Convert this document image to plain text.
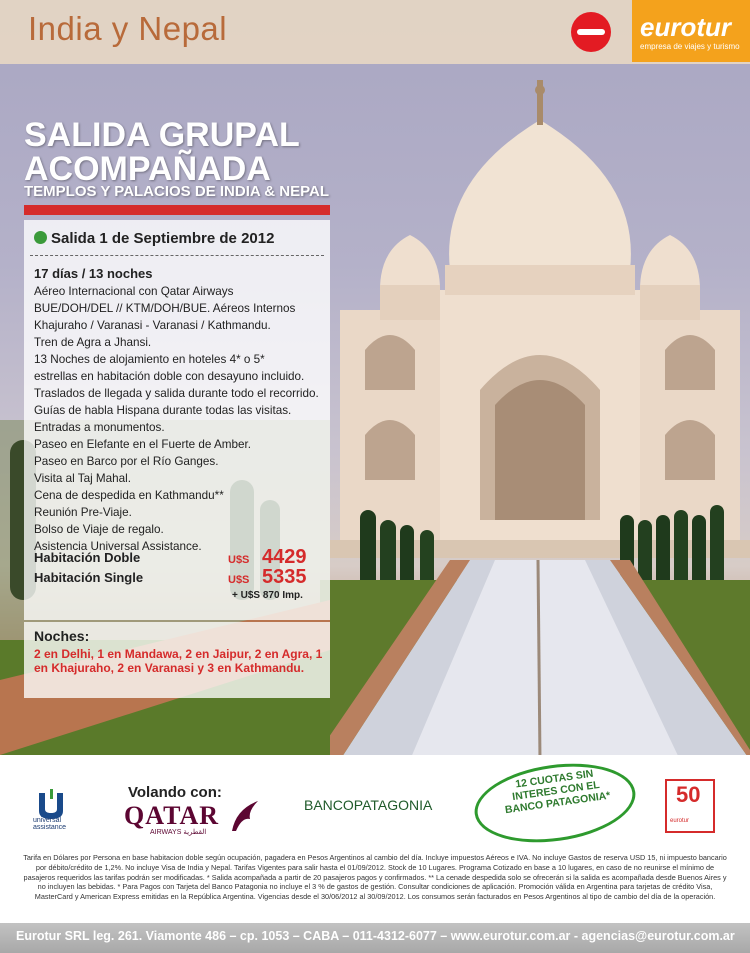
India y Nepal	eurotur
empresa de viajes y turismo
SALIDA GRUPAL
ACOMPAÑADA
TEMPLOS Y PALACIOS DE INDIA & NEPAL
Salida 1 de Septiembre de 2012
17 días / 13 noches
Aéreo Internacional con Qatar Airways
BUE/DOH/DEL // KTM/DOH/BUE. Aéreos Internos
Khajuraho / Varanasi - Varanasi / Kathmandu.
Tren de Agra a Jhansi.
13 Noches de alojamiento en hoteles 4* o 5*
estrellas en habitación doble con desayuno incluido.
Traslados de llegada y salida durante todo el recorrido.
Guías de habla Hispana durante todas las visitas.
Entradas a monumentos.
Paseo en Elefante en el Fuerte de Amber.
Paseo en Barco por el Río Ganges.
Visita al Taj Mahal.
Cena de despedida en Kathmandu**
Reunión Pre-Viaje.
Bolso de Viaje de regalo.
Asistencia Universal Assistance.
Habitación Doble	U$S 4429
Habitación Single	U$S 5335
+ U$S 870 Imp.
Noches:
2 en Delhi, 1 en Mandawa, 2 en Jaipur, 2 en Agra, 1 en Khajuraho, 2 en Varanasi y 3 en Kathmandu.
universal
assistance
Volando con:
QATAR
AIRWAYS القطرية
BANCOPATAGONIA
12 CUOTAS SIN INTERES CON EL BANCO PATAGONIA*	50
eurotur

Tarifa en Dólares por Persona en base habitacion doble según ocupación, pagadera en Pesos Argentinos al cambio del día. Incluye impuestos Aéreos e IVA. No incluye Gastos de reserva USD 15, ni impuesto bancario por débito/crédito de 1,2%. No incluye Visa de India y Nepal. Tarifas Vigentes para salir hasta el 01/09/2012. Stock de 10 Lugares. Programa Cotizado en base a 10 lugares, en caso de no reunirse el mínimo de pasajeros requeridos las tarifas podrán ser modificadas. * Salida acompañada a partir de 20 pasajeros pagos y confirmados. ** La cenade despedida solo se ofrecerán si la salida es acompañada desde Buenos Aires y no incluyen las bebidas. * Para Pagos con Tarjeta del Banco Patagonia no incluye el 3 % de gastos de gestión. Consultar condiciones de aplicación. Promoción válida en Argentina para tarjetas de crédito Visa, MasterCard y American Express emitidas en la República Argentina. Vigencias desde el 30/06/2012 al 30/09/2012. Los consumos serán facturados en Pesos Argentinos al tipo de cambio del día de la operación.

Eurotur SRL leg. 261. Viamonte 486 – cp. 1053 – CABA – 011-4312-6077 – www.eurotur.com.ar - agencias@eurotur.com.ar
